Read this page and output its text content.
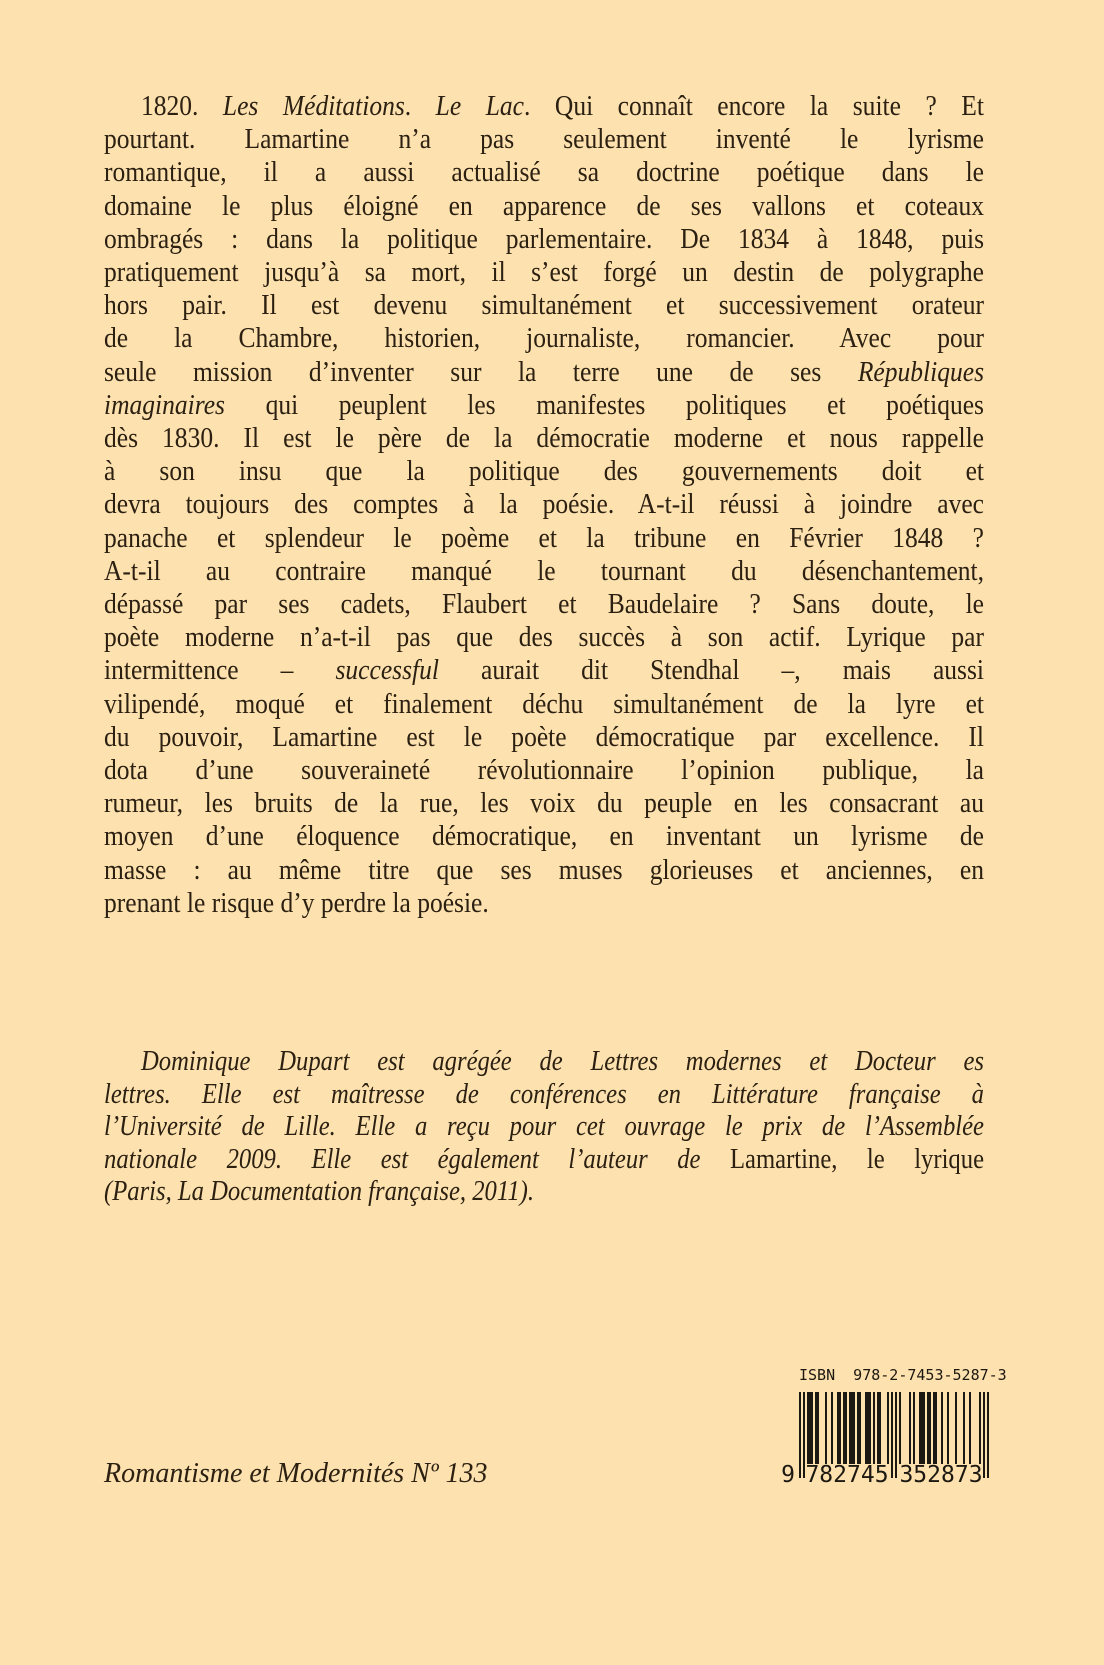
1820. Les Méditations. Le Lac. Qui connaît encore la suite ? Et
pourtant. Lamartine n’a pas seulement inventé le lyrisme
romantique, il a aussi actualisé sa doctrine poétique dans le
domaine le plus éloigné en apparence de ses vallons et coteaux
ombragés : dans la politique parlementaire. De 1834 à 1848, puis
pratiquement jusqu’à sa mort, il s’est forgé un destin de polygraphe
hors pair. Il est devenu simultanément et successivement orateur
de la Chambre, historien, journaliste, romancier. Avec pour
seule mission d’inventer sur la terre une de ses Républiques
imaginaires qui peuplent les manifestes politiques et poétiques
dès 1830. Il est le père de la démocratie moderne et nous rappelle
à son insu que la politique des gouvernements doit et
devra toujours des comptes à la poésie. A-t-il réussi à joindre avec
panache et splendeur le poème et la tribune en Février 1848 ?
A-t-il au contraire manqué le tournant du désenchantement,
dépassé par ses cadets, Flaubert et Baudelaire ? Sans doute, le
poète moderne n’a-t-il pas que des succès à son actif. Lyrique par
intermittence – successful aurait dit Stendhal –, mais aussi
vilipendé, moqué et finalement déchu simultanément de la lyre et
du pouvoir, Lamartine est le poète démocratique par excellence. Il
dota d’une souveraineté révolutionnaire l’opinion publique, la
rumeur, les bruits de la rue, les voix du peuple en les consacrant au
moyen d’une éloquence démocratique, en inventant un lyrisme de
masse : au même titre que ses muses glorieuses et anciennes, en
prenant le risque d’y perdre la poésie.
Dominique Dupart est agrégée de Lettres modernes et Docteur es
lettres. Elle est maîtresse de conférences en Littérature française à
l’Université de Lille. Elle a reçu pour cet ouvrage le prix de l’Assemblée
nationale 2009. Elle est également l’auteur de Lamartine, le lyrique
(Paris, La Documentation française, 2011).
ISBN  978-2-7453-5287-3
9 782745 352873
Romantisme et Modernités Nº 133
